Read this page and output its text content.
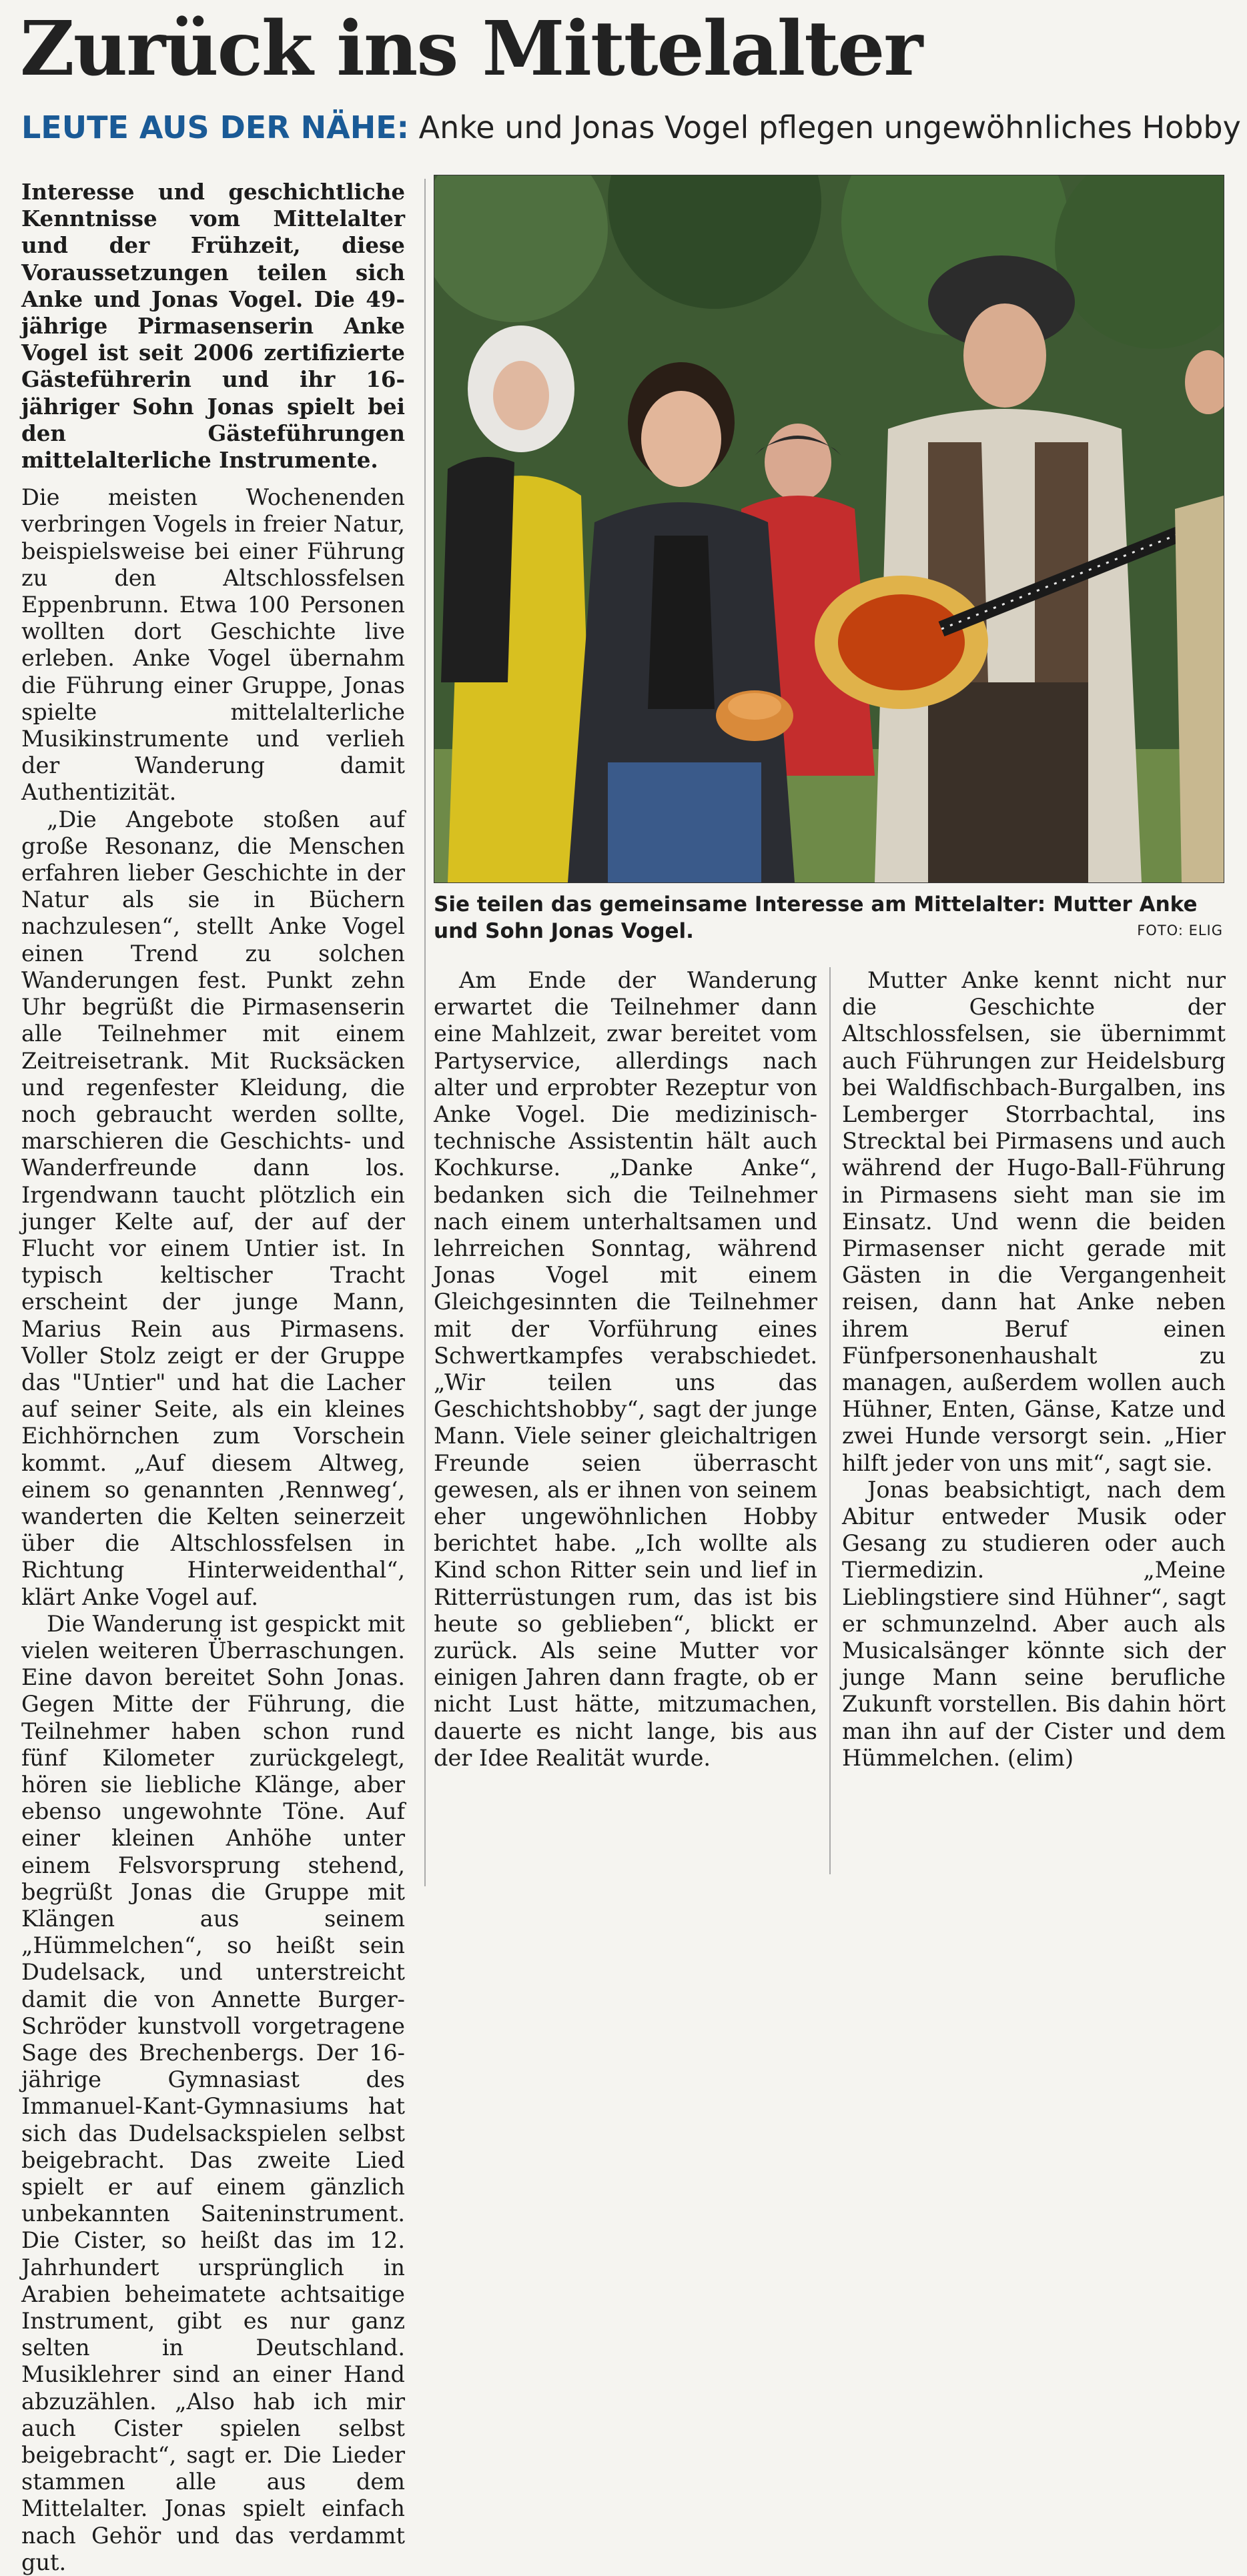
Zurück ins Mittelalter
LEUTE AUS DER NÄHE: Anke und Jonas Vogel pflegen ungewöhnliches Hobby

Interesse und geschichtliche Kenntnisse vom Mittelalter und der Frühzeit, diese Voraussetzungen teilen sich Anke und Jonas Vogel. Die 49-jährige Pirmasenserin Anke Vogel ist seit 2006 zertifizierte Gästeführerin und ihr 16-jähriger Sohn Jonas spielt bei den Gästeführungen mittelalterliche Instrumente.

Die meisten Wochenenden verbringen Vogels in freier Natur, beispielsweise bei einer Führung zu den Altschlossfelsen Eppenbrunn. Etwa 100 Personen wollten dort Geschichte live erleben. Anke Vogel übernahm die Führung einer Gruppe, Jonas spielte mittelalterliche Musikinstrumente und verlieh der Wanderung damit Authentizität.

„Die Angebote stoßen auf große Resonanz, die Menschen erfahren lieber Geschichte in der Natur als sie in Büchern nachzulesen“, stellt Anke Vogel einen Trend zu solchen Wanderungen fest. Punkt zehn Uhr begrüßt die Pirmasenserin alle Teilnehmer mit einem Zeitreisetrank. Mit Rucksäcken und regenfester Kleidung, die noch gebraucht werden sollte, marschieren die Geschichts- und Wanderfreunde dann los. Irgendwann taucht plötzlich ein junger Kelte auf, der auf der Flucht vor einem Untier ist. In typisch keltischer Tracht erscheint der junge Mann, Marius Rein aus Pirmasens. Voller Stolz zeigt er der Gruppe das "Untier" und hat die Lacher auf seiner Seite, als ein kleines Eichhörnchen zum Vorschein kommt. „Auf diesem Altweg, einem so genannten ‚Rennweg‘, wanderten die Kelten seinerzeit über die Altschlossfelsen in Richtung Hinterweidenthal“, klärt Anke Vogel auf.

Die Wanderung ist gespickt mit vielen weiteren Überraschungen. Eine davon bereitet Sohn Jonas. Gegen Mitte der Führung, die Teilnehmer haben schon rund fünf Kilometer zurückgelegt, hören sie liebliche Klänge, aber ebenso ungewohnte Töne. Auf einer kleinen Anhöhe unter einem Felsvorsprung stehend, begrüßt Jonas die Gruppe mit Klängen aus seinem „Hümmelchen“, so heißt sein Dudelsack, und unterstreicht damit die von Annette Burger-Schröder kunstvoll vorgetragene Sage des Brechenbergs. Der 16-jährige Gymnasiast des Immanuel-Kant-Gymnasiums hat sich das Dudelsackspielen selbst beigebracht. Das zweite Lied spielt er auf einem gänzlich unbekannten Saiteninstrument. Die Cister, so heißt das im 12. Jahrhundert ursprünglich in Arabien beheimatete achtsaitige Instrument, gibt es nur ganz selten in Deutschland. Musiklehrer sind an einer Hand abzuzählen. „Also hab ich mir auch Cister spielen selbst beigebracht“, sagt er. Die Lieder stammen alle aus dem Mittelalter. Jonas spielt einfach nach Gehör und das verdammt gut.

Sie teilen das gemeinsame Interesse am Mittelalter: Mutter Anke und Sohn Jonas Vogel.	FOTO: ELIG

Am Ende der Wanderung erwartet die Teilnehmer dann eine Mahlzeit, zwar bereitet vom Partyservice, allerdings nach alter und erprobter Rezeptur von Anke Vogel. Die medizinisch-technische Assistentin hält auch Kochkurse. „Danke Anke“, bedanken sich die Teilnehmer nach einem unterhaltsamen und lehrreichen Sonntag, während Jonas Vogel mit einem Gleichgesinnten die Teilnehmer mit der Vorführung eines Schwertkampfes verabschiedet. „Wir teilen uns das Geschichtshobby“, sagt der junge Mann. Viele seiner gleichaltrigen Freunde seien überrascht gewesen, als er ihnen von seinem eher ungewöhnlichen Hobby berichtet habe. „Ich wollte als Kind schon Ritter sein und lief in Ritterrüstungen rum, das ist bis heute so geblieben“, blickt er zurück. Als seine Mutter vor einigen Jahren dann fragte, ob er nicht Lust hätte, mitzumachen, dauerte es nicht lange, bis aus der Idee Realität wurde.

Mutter Anke kennt nicht nur die Geschichte der Altschlossfelsen, sie übernimmt auch Führungen zur Heidelsburg bei Waldfischbach-Burgalben, ins Lemberger Storrbachtal, ins Strecktal bei Pirmasens und auch während der Hugo-Ball-Führung in Pirmasens sieht man sie im Einsatz. Und wenn die beiden Pirmasenser nicht gerade mit Gästen in die Vergangenheit reisen, dann hat Anke neben ihrem Beruf einen Fünfpersonenhaushalt zu managen, außerdem wollen auch Hühner, Enten, Gänse, Katze und zwei Hunde versorgt sein. „Hier hilft jeder von uns mit“, sagt sie.

Jonas beabsichtigt, nach dem Abitur entweder Musik oder Gesang zu studieren oder auch Tiermedizin. „Meine Lieblingstiere sind Hühner“, sagt er schmunzelnd. Aber auch als Musicalsänger könnte sich der junge Mann seine berufliche Zukunft vorstellen. Bis dahin hört man ihn auf der Cister und dem Hümmelchen. (elim)
